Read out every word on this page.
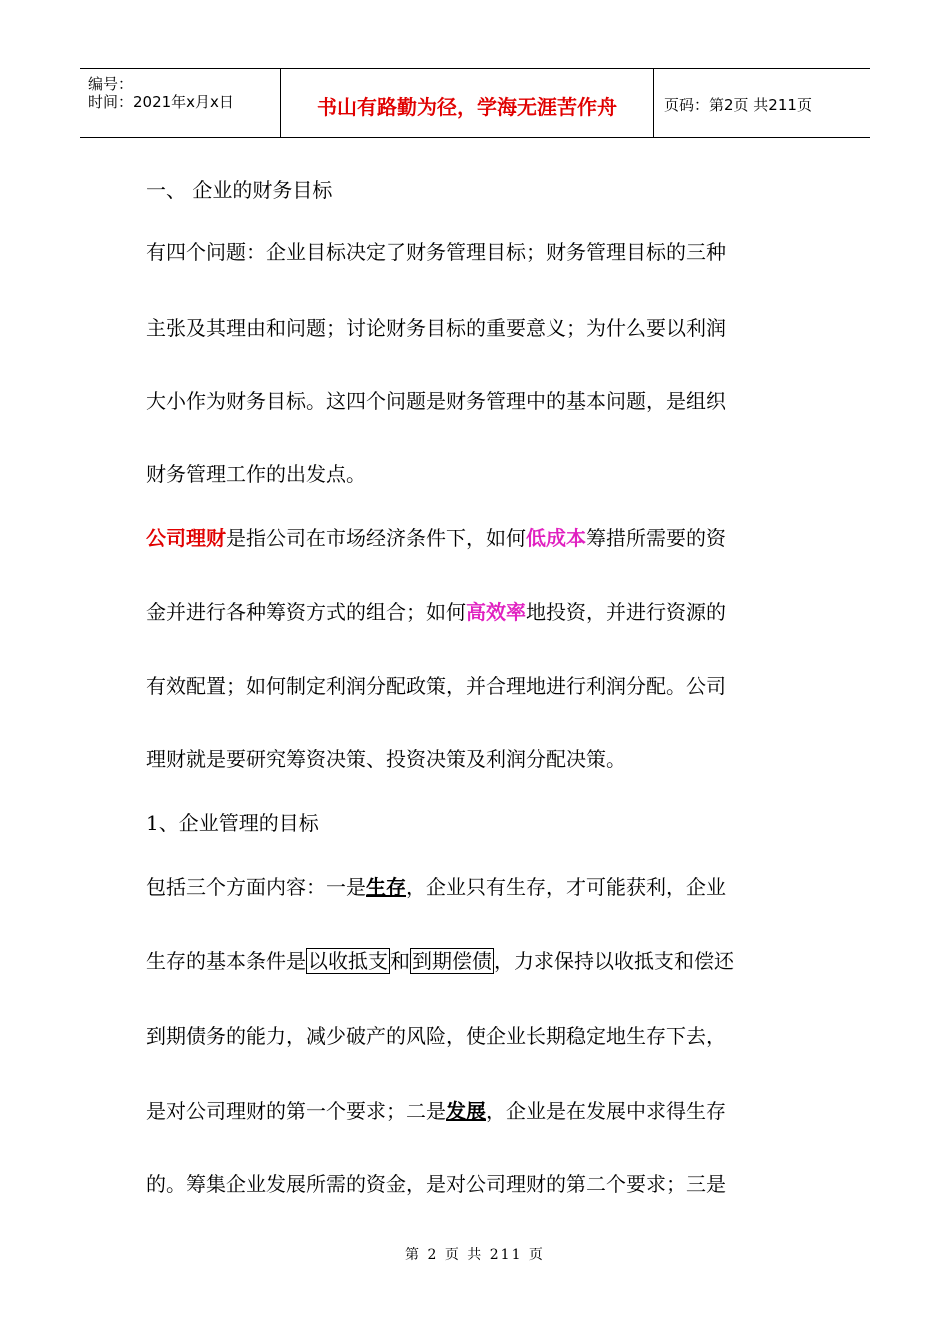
编号：
时间：2021年x月x日	书山有路勤为径，学海无涯苦作舟	页码：第2页 共211页
一、 企业的财务目标
有四个问题：企业目标决定了财务管理目标；财务管理目标的三种
主张及其理由和问题；讨论财务目标的重要意义；为什么要以利润
大小作为财务目标。这四个问题是财务管理中的基本问题，是组织
财务管理工作的出发点。
公司理财是指公司在市场经济条件下，如何低成本筹措所需要的资
金并进行各种筹资方式的组合；如何高效率地投资，并进行资源的
有效配置；如何制定利润分配政策，并合理地进行利润分配。公司
理财就是要研究筹资决策、投资决策及利润分配决策。
1、企业管理的目标
包括三个方面内容：一是生存，企业只有生存，才可能获利，企业
生存的基本条件是 以收抵支 和 到期偿债 ，力求保持以收抵支和偿还
到期债务的能力，减少破产的风险，使企业长期稳定地生存下去，
是对公司理财的第一个要求；二是发展，企业是在发展中求得生存
的。筹集企业发展所需的资金，是对公司理财的第二个要求；三是
第 2 页 共 211 页
